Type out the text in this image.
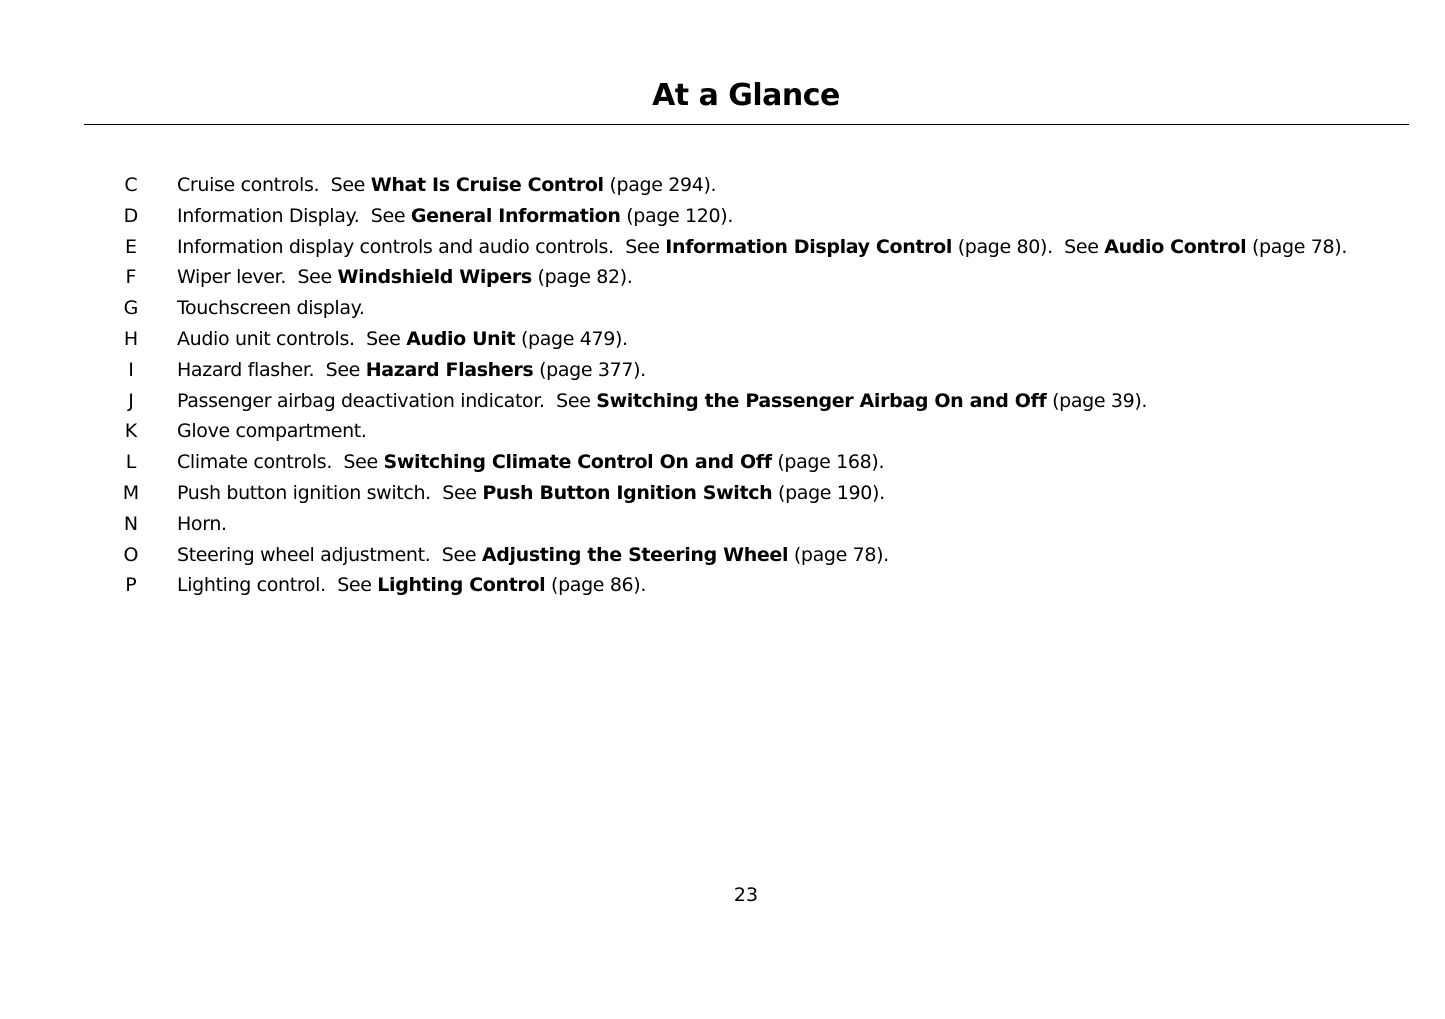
At a Glance
C	Cruise controls. See What Is Cruise Control (page 294).
D Information Display. See General Information (page 120).
E	Information display controls and audio controls. See Information Display Control (page 80). See Audio Control (page 78).
F	Wiper lever. See Windshield Wipers (page 82).
G Touchscreen display.
H	Audio unit controls. See Audio Unit (page 479).
I	Hazard flasher. See Hazard Flashers (page 377).
J	Passenger airbag deactivation indicator. See Switching the Passenger Airbag On and Off (page 39).
K	Glove compartment.
L	Climate controls. See Switching Climate Control On and Off (page 168).
M Push button ignition switch. See Push Button Ignition Switch (page 190).
N	Horn.
O Steering wheel adjustment. See Adjusting the Steering Wheel (page 78).
P	Lighting control. See Lighting Control (page 86).
23
